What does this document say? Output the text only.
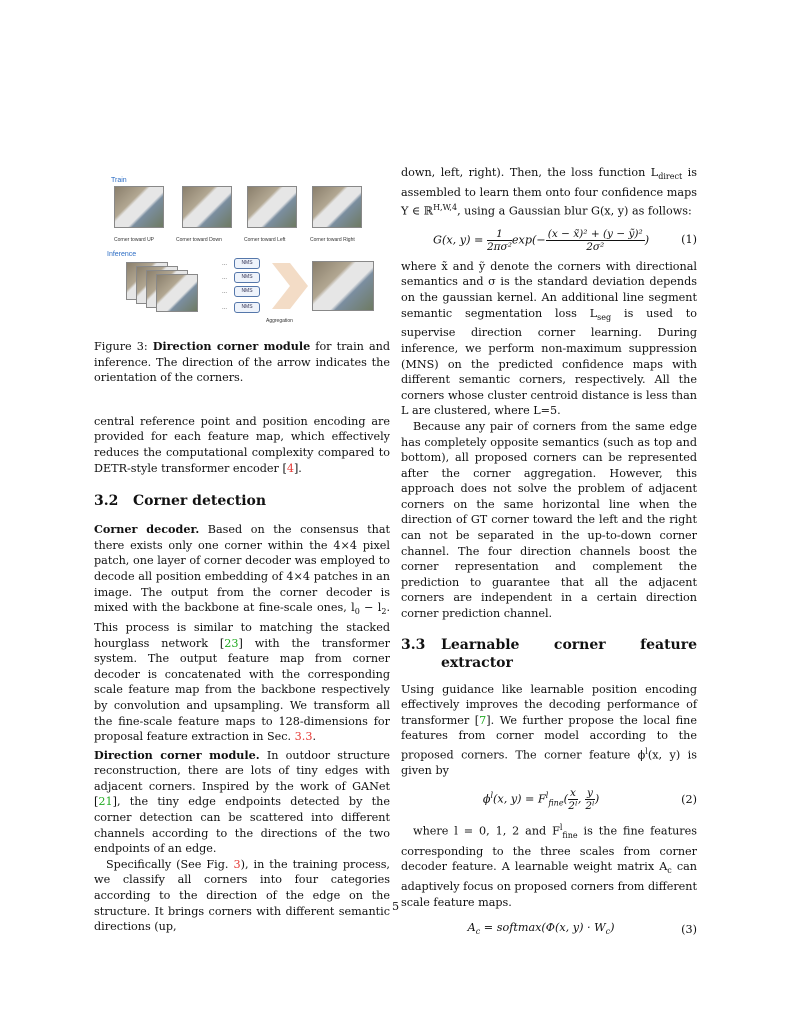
Train
Corner toward UP	Corner toward Down	Corner toward Left	Corner toward Right
Inference
...
...
...
...
NMS
NMS
NMS
NMS
Aggregation

Figure 3: Direction corner module for train and inference. The direction of the arrow indicates the orientation of the corners.

central reference point and position encoding are provided for each feature map, which effectively reduces the computational complexity compared to DETR-style transformer encoder [4].

3.2 Corner detection

Corner decoder. Based on the consensus that there exists only one corner within the 4×4 pixel patch, one layer of corner decoder was employed to decode all position embedding of 4×4 patches in an image. The output from the corner decoder is mixed with the backbone at fine-scale ones, $l_0 - l_2$. This process is similar to matching the stacked hourglass network [23] with the transformer system. The output feature map from corner decoder is concatenated with the corresponding scale feature map from the backbone respectively by convolution and upsampling. We transform all the fine-scale feature maps to 128-dimensions for proposal feature extraction in Sec. 3.3.

Direction corner module. In outdoor structure reconstruction, there are lots of tiny edges with adjacent corners. Inspired by the work of GANet [21], the tiny edge endpoints detected by the corner detection can be scattered into different channels according to the directions of the two endpoints of an edge.

Specifically (See Fig. 3), in the training process, we classify all corners into four categories according to the direction of the edge on the structure. It brings corners with different semantic directions (up,

down, left, right). Then, the loss function $L_{direct}$ is assembled to learn them onto four confidence maps Y ∈ ℝ$^{H,W,4}$, using a Gaussian blur G(x, y) as follows:

G(x, $y) = \frac{1}{\text{2πσ²}} \exp(- \frac{\text{(x − x̃)² + (y − ỹ)²}}{\text{2σ²}}$ )	(1)

where x̃ and ỹ denote the corners with directional semantics and σ is the standard deviation depends on the gaussian kernel. An additional line segment semantic segmentation loss $L_{seg}$ is used to supervise direction corner learning. During inference, we perform non-maximum suppression (MNS) on the predicted confidence maps with different semantic corners, respectively. All the corners whose cluster centroid distance is less than L are clustered, where L=5.

Because any pair of corners from the same edge has completely opposite semantics (such as top and bottom), all proposed corners can be represented after the corner aggregation. However, this approach does not solve the problem of adjacent corners on the same horizontal line when the direction of GT corner toward the left and the right can not be separated in the up-to-down corner channel. The four direction channels boost the corner representation and complement the prediction to guarantee that all the adjacent corners are independent in a certain direction corner prediction channel.

3.3	Learnable corner feature extractor

Using guidance like learnable position encoding effectively improves the decoding performance of transformer [7]. We further propose the local fine features from corner model according to the proposed corners. The corner feature $\phi^l(x$, y) is given by

$\phi^l(x$, $y) = F^l_{fine}( \frac{x}{\text{2ˡ}}$ , $\frac{y}{\text{2ˡ}}$ )	(2)

where l = 0, 1, 2 and $F^l_{fine}$ is the fine features corresponding to the three scales from corner decoder feature. A learnable weight matrix $A_c$ can adaptively focus on proposed corners from different scale feature maps.

$A_c$ = softmax(Φ(x, $y) \cdot W_c$)	(3)
5
